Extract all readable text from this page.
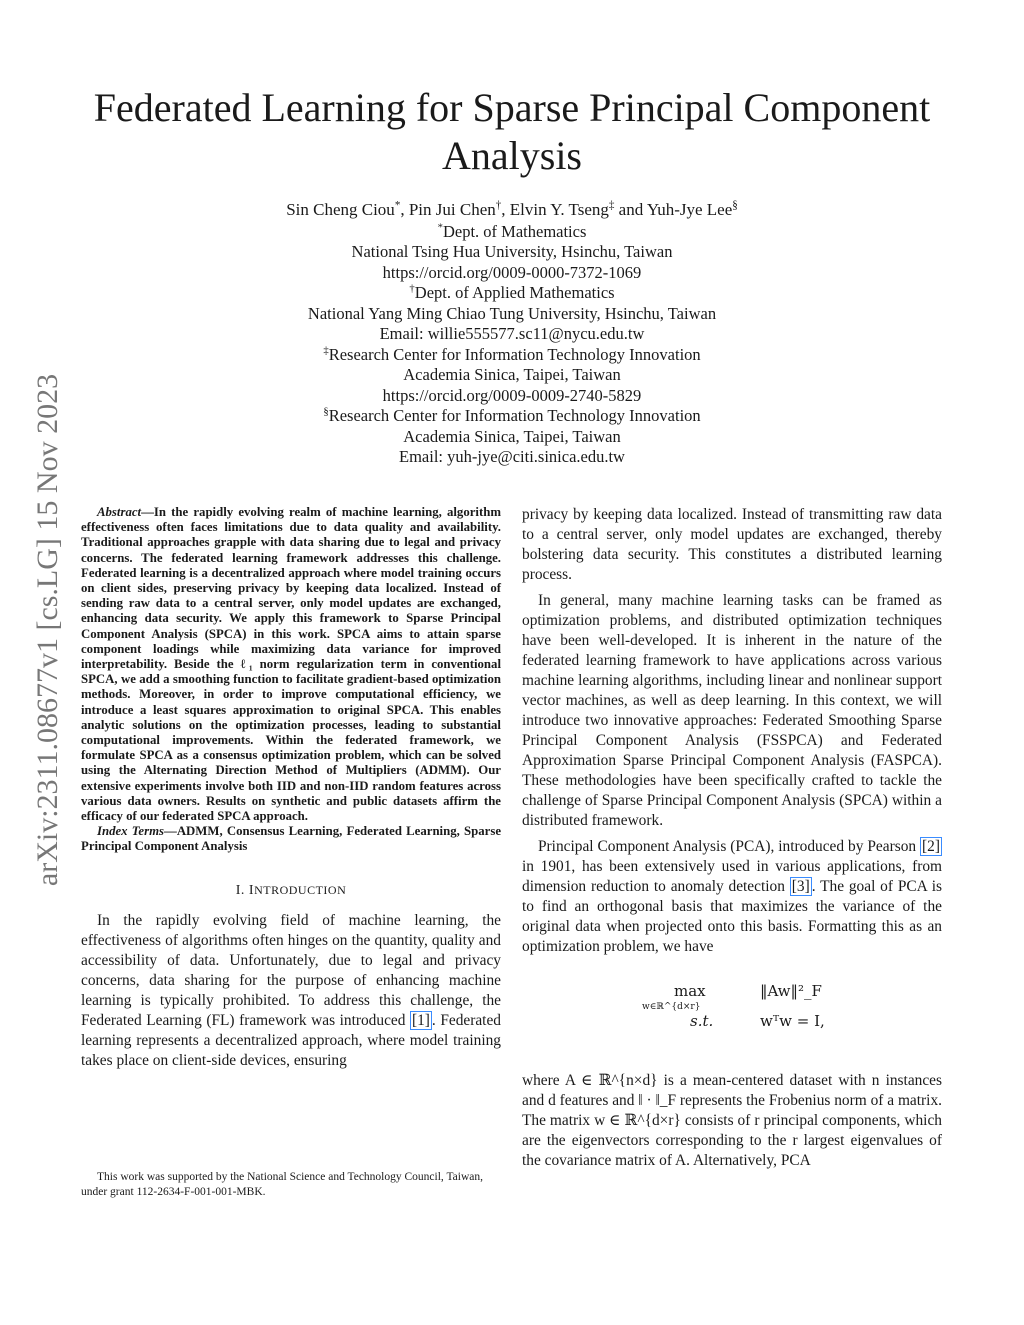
arXiv:2311.08677v1 [cs.LG] 15 Nov 2023
Federated Learning for Sparse Principal Component Analysis
Sin Cheng Ciou*, Pin Jui Chen†, Elvin Y. Tseng‡ and Yuh-Jye Lee§
*Dept. of Mathematics
National Tsing Hua University, Hsinchu, Taiwan
https://orcid.org/0009-0000-7372-1069
†Dept. of Applied Mathematics
National Yang Ming Chiao Tung University, Hsinchu, Taiwan
Email: willie555577.sc11@nycu.edu.tw
‡Research Center for Information Technology Innovation
Academia Sinica, Taipei, Taiwan
https://orcid.org/0009-0009-2740-5829
§Research Center for Information Technology Innovation
Academia Sinica, Taipei, Taiwan
Email: yuh-jye@citi.sinica.edu.tw

Abstract—In the rapidly evolving realm of machine learning, algorithm effectiveness often faces limitations due to data quality and availability. Traditional approaches grapple with data sharing due to legal and privacy concerns. The federated learning framework addresses this challenge. Federated learning is a decentralized approach where model training occurs on client sides, preserving privacy by keeping data localized. Instead of sending raw data to a central server, only model updates are exchanged, enhancing data security. We apply this framework to Sparse Principal Component Analysis (SPCA) in this work. SPCA aims to attain sparse component loadings while maximizing data variance for improved interpretability. Beside the ℓ₁ norm regularization term in conventional SPCA, we add a smoothing function to facilitate gradient-based optimization methods. Moreover, in order to improve computational efficiency, we introduce a least squares approximation to original SPCA. This enables analytic solutions on the optimization processes, leading to substantial computational improvements. Within the federated framework, we formulate SPCA as a consensus optimization problem, which can be solved using the Alternating Direction Method of Multipliers (ADMM). Our extensive experiments involve both IID and non-IID random features across various data owners. Results on synthetic and public datasets affirm the efficacy of our federated SPCA approach.

Index Terms—ADMM, Consensus Learning, Federated Learning, Sparse Principal Component Analysis

I. INTRODUCTION

In the rapidly evolving field of machine learning, the effectiveness of algorithms often hinges on the quantity, quality and accessibility of data. Unfortunately, due to legal and privacy concerns, data sharing for the purpose of enhancing machine learning is typically prohibited. To address this challenge, the Federated Learning (FL) framework was introduced [1] . Federated learning represents a decentralized approach, where model training takes place on client-side devices, ensuring

This work was supported by the National Science and Technology Council, Taiwan, under grant 112-2634-F-001-001-MBK.

privacy by keeping data localized. Instead of transmitting raw data to a central server, only model updates are exchanged, thereby bolstering data security. This constitutes a distributed learning process.

In general, many machine learning tasks can be framed as optimization problems, and distributed optimization techniques have been well-developed. It is inherent in the nature of the federated learning framework to have applications across various machine learning algorithms, including linear and nonlinear support vector machines, as well as deep learning. In this context, we will introduce two innovative approaches: Federated Smoothing Sparse Principal Component Analysis (FSSPCA) and Federated Approximation Sparse Principal Component Analysis (FASPCA). These methodologies have been specifically crafted to tackle the challenge of Sparse Principal Component Analysis (SPCA) within a distributed framework.

Principal Component Analysis (PCA), introduced by Pearson [2] in 1901, has been extensively used in various applications, from dimension reduction to anomaly detection [3] . The goal of PCA is to find an orthogonal basis that maximizes the variance of the original data when projected onto this basis. Formatting this as an optimization problem, we have

max
w∈ℝ^{d×r}
‖Aw‖²_F
s.t.	wᵀw = I,

where A ∈ ℝ^{n×d} is a mean-centered dataset with n instances and d features and ‖ · ‖_F represents the Frobenius norm of a matrix. The matrix w ∈ ℝ^{d×r} consists of r principal components, which are the eigenvectors corresponding to the r largest eigenvalues of the covariance matrix of A. Alternatively, PCA
